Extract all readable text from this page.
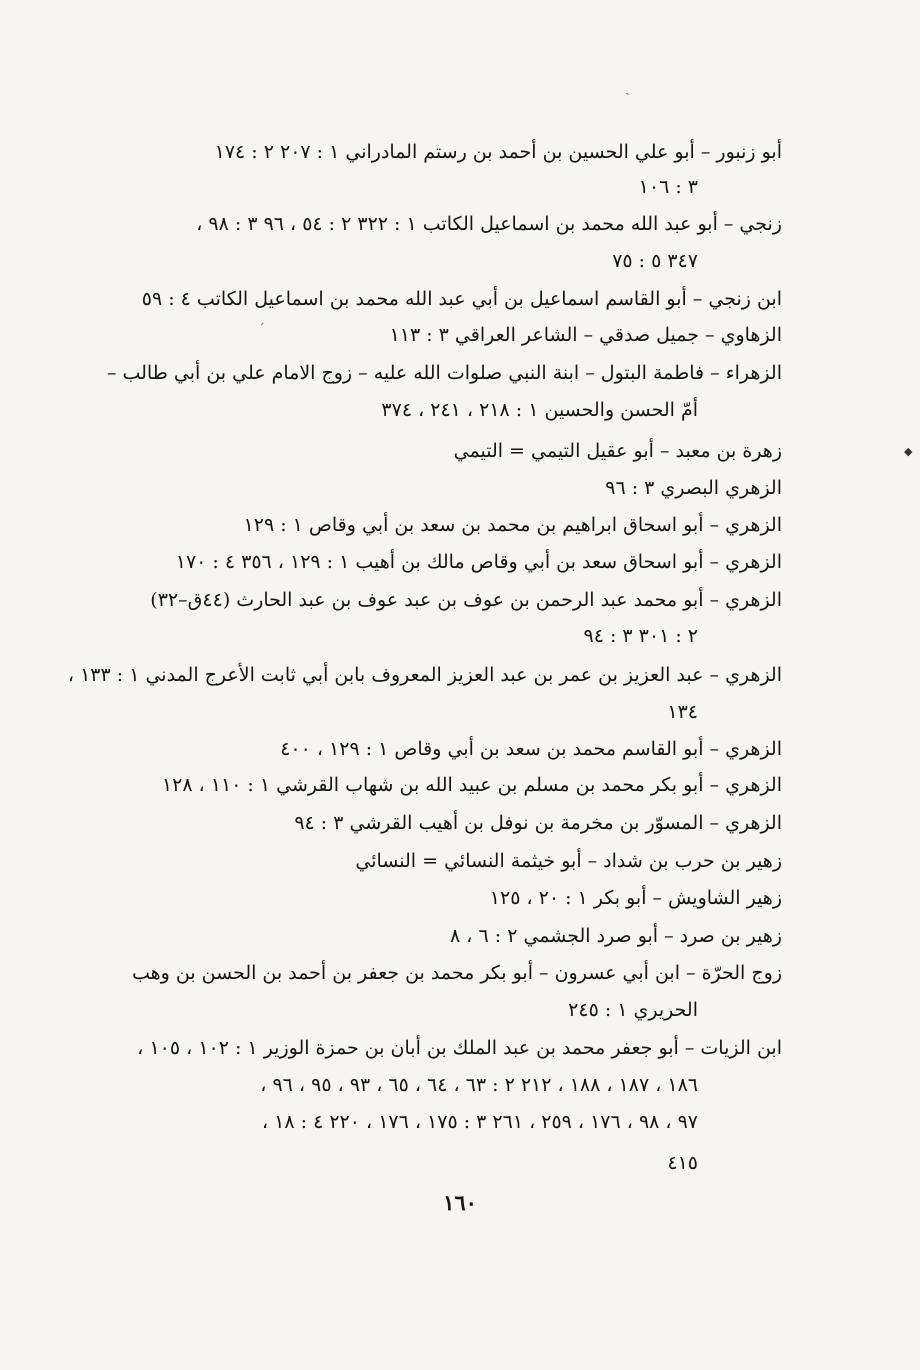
أبو زنبور – أبو علي الحسين بن أحمد بن رستم المادراني ١ : ٢٠٧ ٢ : ١٧٤
٣ : ١٠٦
زنجي – أبو عبد الله محمد بن اسماعيل الكاتب ١ : ٣٢٢ ٢ : ٥٤ ، ٩٦ ٣ : ٩٨ ،
٣٤٧ ٥ : ٧٥
ابن زنجي – أبو القاسم اسماعيل بن أبي عبد الله محمد بن اسماعيل الكاتب ٤ : ٥٩
الزهاوي – جميل صدقي – الشاعر العراقي ٣ : ١١٣
الزهراء – فاطمة البتول – ابنة النبي صلوات الله عليه – زوج الامام علي بن أبي طالب –
أمّ الحسن والحسين ١ : ٢١٨ ، ٢٤١ ، ٣٧٤
زهرة بن معبد – أبو عقيل التيمي = التيمي
الزهري البصري ٣ : ٩٦
الزهري – أبو اسحاق ابراهيم بن محمد بن سعد بن أبي وقاص ١ : ١٢٩
الزهري – أبو اسحاق سعد بن أبي وقاص مالك بن أهيب ١ : ١٢٩ ، ٣٥٦ ٤ : ١٧٠
الزهري – أبو محمد عبد الرحمن بن عوف بن عبد عوف بن عبد الحارث (٤٤ق–٣٢)
٢ : ٣٠١ ٣ : ٩٤
الزهري – عبد العزيز بن عمر بن عبد العزيز المعروف بابن أبي ثابت الأعرج المدني ١ : ١٣٣ ،
١٣٤
الزهري – أبو القاسم محمد بن سعد بن أبي وقاص ١ : ١٢٩ ، ٤٠٠
الزهري – أبو بكر محمد بن مسلم بن عبيد الله بن شهاب القرشي ١ : ١١٠ ، ١٢٨
الزهري – المسوّر بن مخرمة بن نوفل بن أهيب القرشي ٣ : ٩٤
زهير بن حرب بن شداد – أبو خيثمة النسائي = النسائي
زهير الشاويش – أبو بكر ١ : ٢٠ ، ١٢٥
زهير بن صرد – أبو صرد الجشمي ٢ : ٦ ، ٨
زوج الحرّة – ابن أبي عسرون – أبو بكر محمد بن جعفر بن أحمد بن الحسن بن وهب
الحريري ١ : ٢٤٥
ابن الزيات – أبو جعفر محمد بن عبد الملك بن أبان بن حمزة الوزير ١ : ١٠٢ ، ١٠٥ ،
١٨٦ ، ١٨٧ ، ١٨٨ ، ٢١٢ ٢ : ٦٣ ، ٦٤ ، ٦٥ ، ٩٣ ، ٩٥ ، ٩٦ ،
٩٧ ، ٩٨ ، ١٧٦ ، ٢٥٩ ، ٢٦١ ٣ : ١٧٥ ، ١٧٦ ، ٢٢٠ ٤ : ١٨ ،
٤١٥
١٦٠
ˏ
ˊ
◆
